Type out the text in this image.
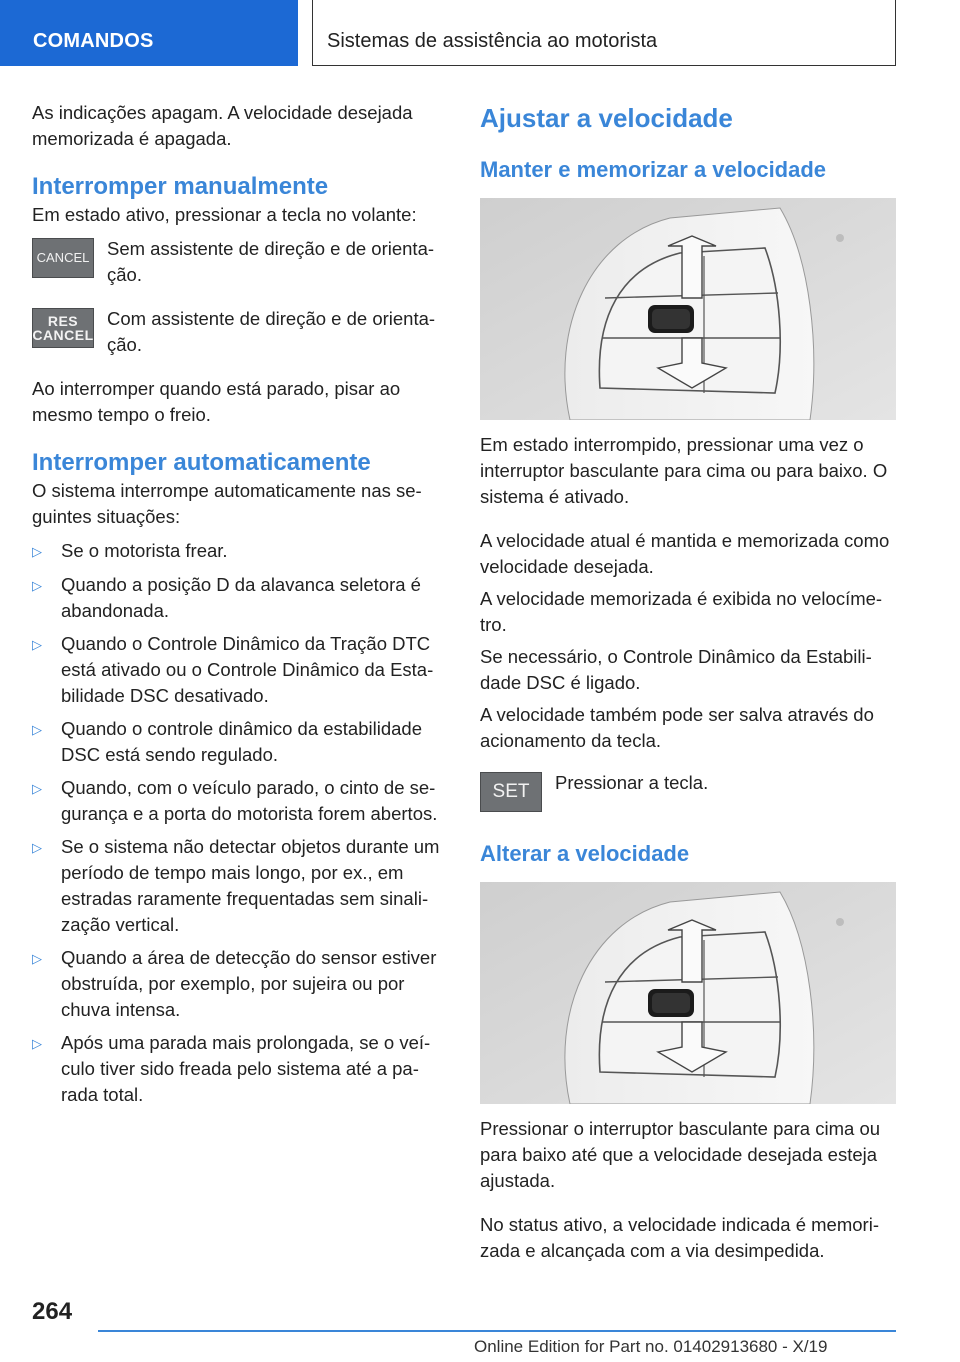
COMANDOS	Sistemas de assistência ao motorista

As indicações apagam. A velocidade desejada memorizada é apagada.

Interromper manualmente

Em estado ativo, pressionar a tecla no volante:

CANCEL Sem assistente de direção e de orienta‐ção.

RES
CANCEL

Com assistente de direção e de orienta‐ção.

Ao interromper quando está parado, pisar ao mesmo tempo o freio.

Interromper automaticamente

O sistema interrompe automaticamente nas se‐guintes situações:

▷	Se o motorista frear.
▷	Quando a posição D da alavanca seletora é abandonada.
▷	Quando o Controle Dinâmico da Tração DTC está ativado ou o Controle Dinâmico da Esta‐bilidade DSC desativado.
▷	Quando o controle dinâmico da estabilidade DSC está sendo regulado.
▷	Quando, com o veículo parado, o cinto de se‐gurança e a porta do motorista forem abertos.
▷	Se o sistema não detectar objetos durante um período de tempo mais longo, por ex., em estradas raramente frequentadas sem sinali‐zação vertical.
▷	Quando a área de detecção do sensor estiver obstruída, por exemplo, por sujeira ou por chuva intensa.
▷	Após uma parada mais prolongada, se o veí‐culo tiver sido freada pelo sistema até a pa‐rada total.
Ajustar a velocidade
Manter e memorizar a velocidade

Em estado interrompido, pressionar uma vez o interruptor basculante para cima ou para baixo. O sistema é ativado.

A velocidade atual é mantida e memorizada como velocidade desejada.

A velocidade memorizada é exibida no velocíme‐tro.

Se necessário, o Controle Dinâmico da Estabili‐dade DSC é ligado.

A velocidade também pode ser salva através do acionamento da tecla.

SET	Pressionar a tecla.

Alterar a velocidade

Pressionar o interruptor basculante para cima ou para baixo até que a velocidade desejada esteja ajustada.

No status ativo, a velocidade indicada é memori‐zada e alcançada com a via desimpedida.

264
Online Edition for Part no. 01402913680 - X/19
